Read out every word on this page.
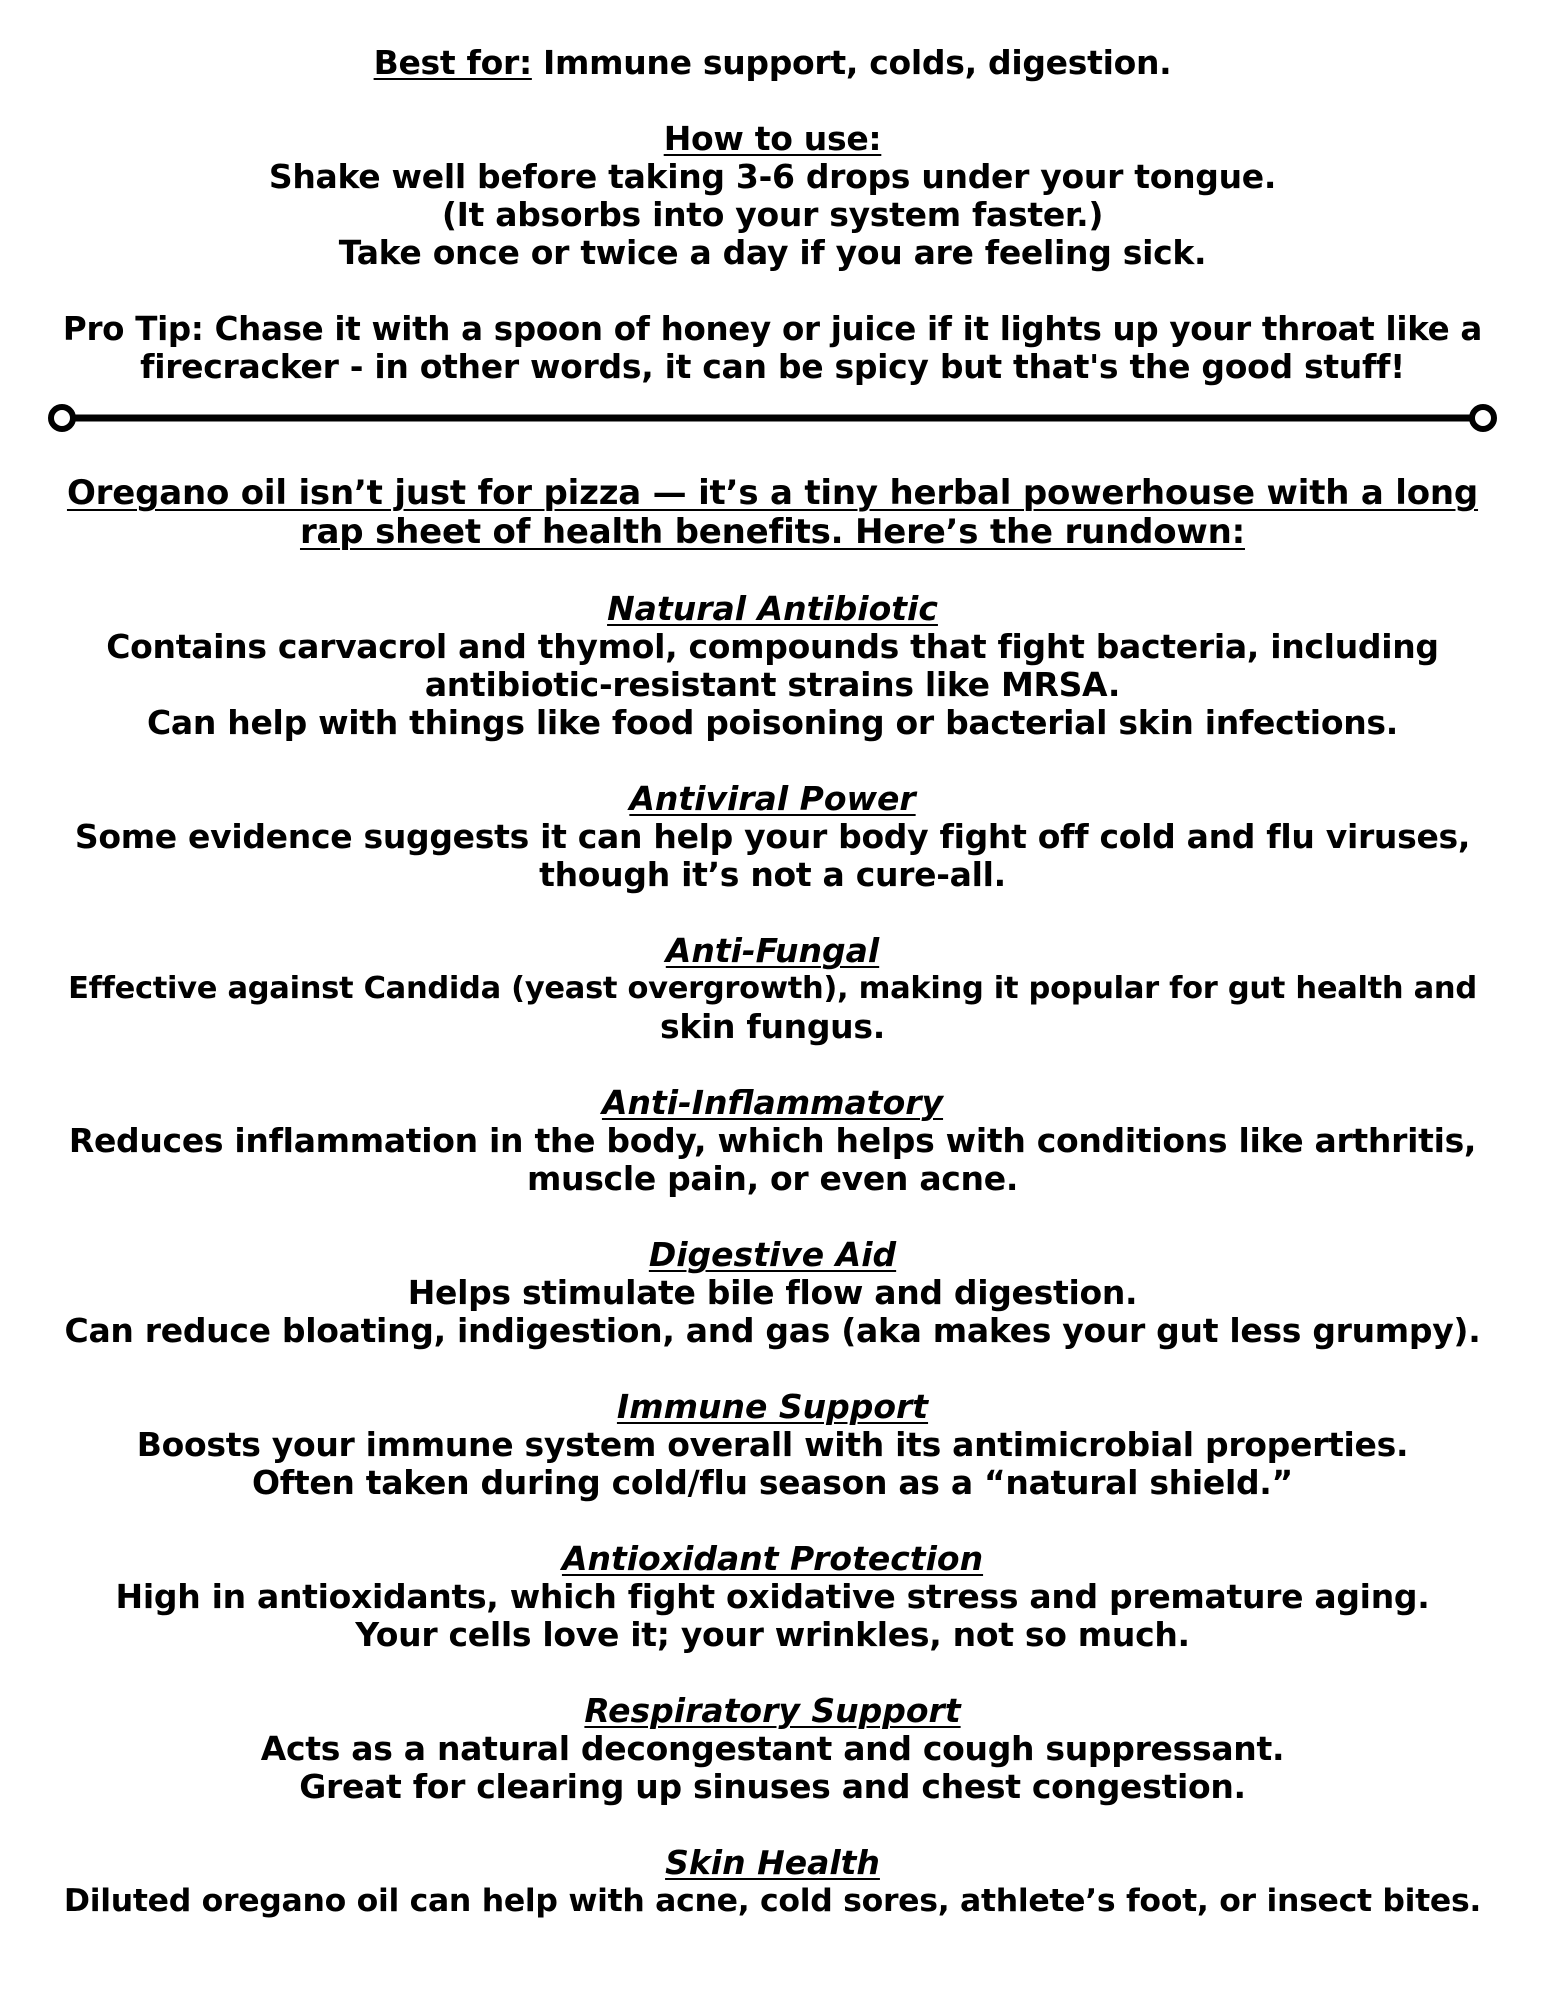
Best for: Immune support, colds, digestion.

How to use:

Shake well before taking 3-6 drops under your tongue.

(It absorbs into your system faster.)

Take once or twice a day if you are feeling sick.

Pro Tip: Chase it with a spoon of honey or juice if it lights up your throat like a

firecracker - in other words, it can be spicy but that's the good stuff!

Oregano oil isn’t just for pizza — it’s a tiny herbal powerhouse with a long

rap sheet of health benefits. Here’s the rundown:

Natural Antibiotic

Contains carvacrol and thymol, compounds that fight bacteria, including

antibiotic-resistant strains like MRSA.

Can help with things like food poisoning or bacterial skin infections.

Antiviral Power

Some evidence suggests it can help your body fight off cold and flu viruses,

though it’s not a cure-all.

Anti-Fungal

Effective against Candida (yeast overgrowth), making it popular for gut health and

skin fungus.

Anti-Inflammatory

Reduces inflammation in the body, which helps with conditions like arthritis,

muscle pain, or even acne.

Digestive Aid

Helps stimulate bile flow and digestion.

Can reduce bloating, indigestion, and gas (aka makes your gut less grumpy).

Immune Support

Boosts your immune system overall with its antimicrobial properties.

Often taken during cold/flu season as a “natural shield.”

Antioxidant Protection

High in antioxidants, which fight oxidative stress and premature aging.

Your cells love it; your wrinkles, not so much.

Respiratory Support

Acts as a natural decongestant and cough suppressant.

Great for clearing up sinuses and chest congestion.

Skin Health

Diluted oregano oil can help with acne, cold sores, athlete’s foot, or insect bites.
